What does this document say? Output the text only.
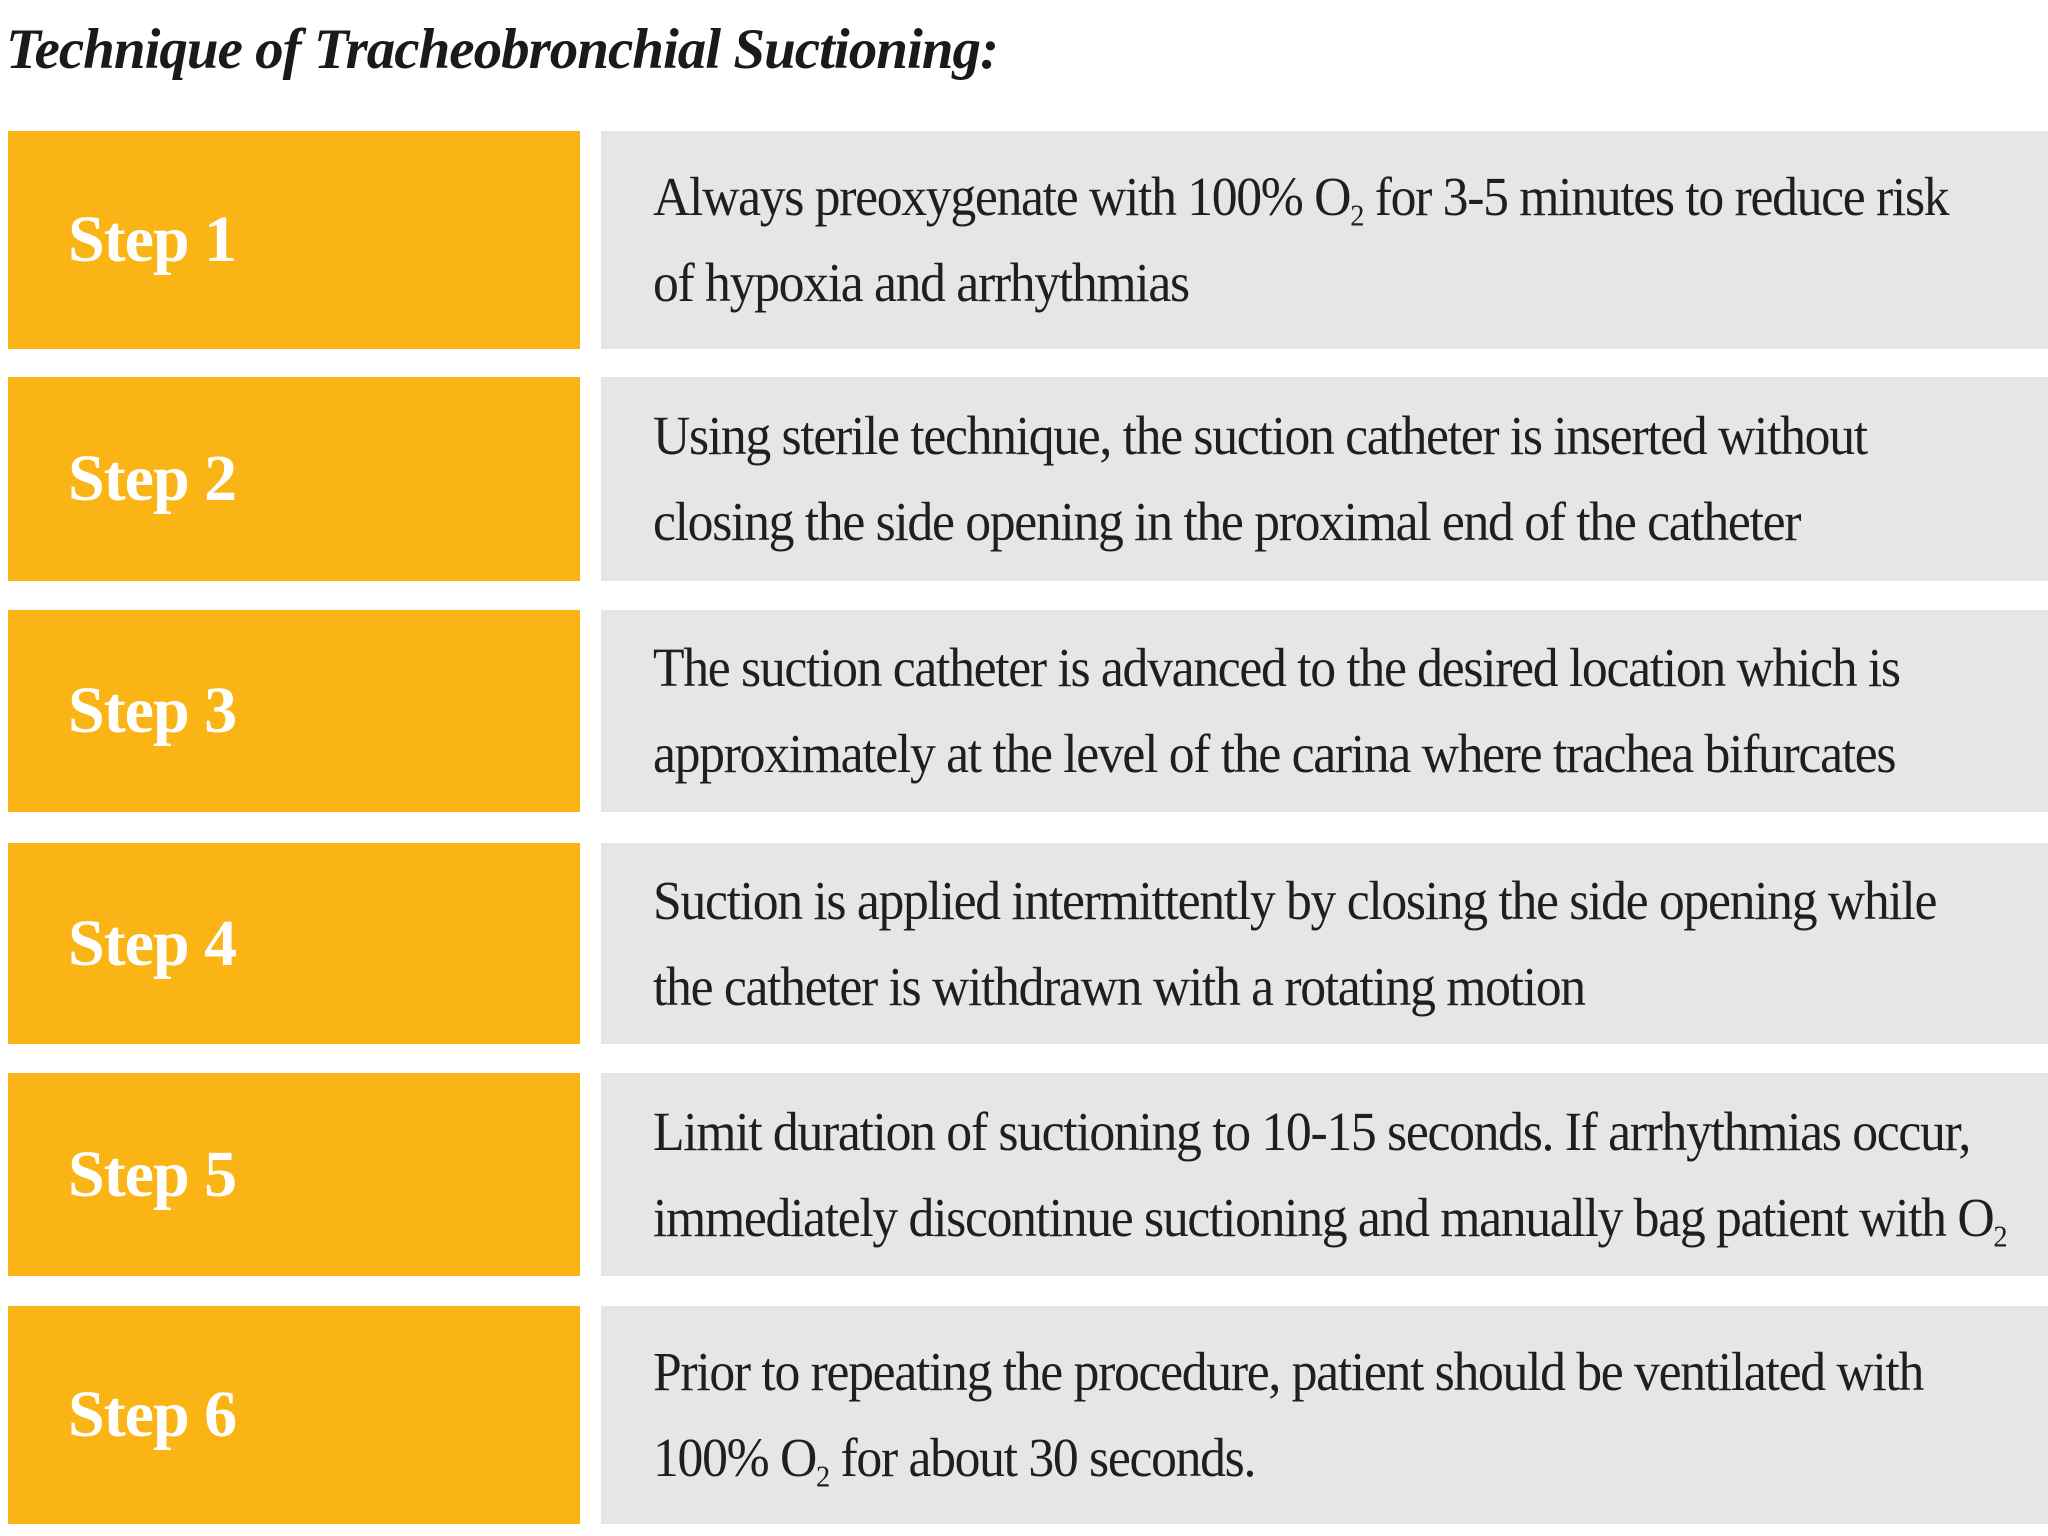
Technique of Tracheobronchial Suctioning:
Step 1
Always preoxygenate with 100% $O_2$ for 3-5 minutes to reduce risk
of hypoxia and arrhythmias
Step 2
Using sterile technique, the suction catheter is inserted without
closing the side opening in the proximal end of the catheter
Step 3
The suction catheter is advanced to the desired location which is
approximately at the level of the carina where trachea bifurcates
Step 4
Suction is applied intermittently by closing the side opening while
the catheter is withdrawn with a rotating motion
Step 5
Limit duration of suctioning to 10-15 seconds. If arrhythmias occur,
immediately discontinue suctioning and manually bag patient with $O_2$
Step 6
Prior to repeating the procedure, patient should be ventilated with
100% $O_2$ for about 30 seconds.
